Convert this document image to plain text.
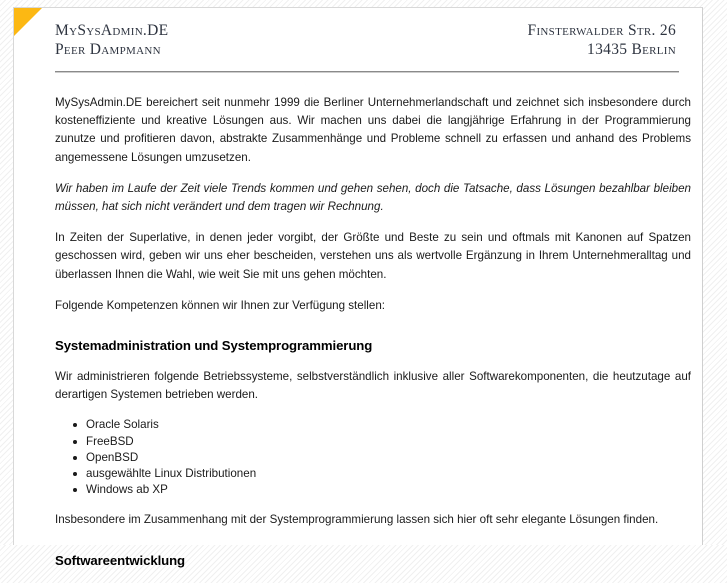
MySysAdmin.DE
Peer Dampmann
Finsterwalder Str. 26
13435 Berlin

MySysAdmin.DE bereichert seit nunmehr 1999 die Berliner Unternehmerlandschaft und zeichnet sich insbesondere durch kosteneffiziente und kreative Lösungen aus. Wir machen uns dabei die langjährige Erfahrung in der Programmierung zunutze und profitieren davon, abstrakte Zusammenhänge und Probleme schnell zu erfassen und anhand des Problems angemessene Lösungen umzusetzen.

Wir haben im Laufe der Zeit viele Trends kommen und gehen sehen, doch die Tatsache, dass Lösungen bezahlbar bleiben müssen, hat sich nicht verändert und dem tragen wir Rechnung.

In Zeiten der Superlative, in denen jeder vorgibt, der Größte und Beste zu sein und oftmals mit Kanonen auf Spatzen geschossen wird, geben wir uns eher bescheiden, verstehen uns als wertvolle Ergänzung in Ihrem Unternehmeralltag und überlassen Ihnen die Wahl, wie weit Sie mit uns gehen möchten.

Folgende Kompetenzen können wir Ihnen zur Verfügung stellen:

Systemadministration und Systemprogrammierung

Wir administrieren folgende Betriebssysteme, selbstverständlich inklusive aller Softwarekomponenten, die heutzutage auf derartigen Systemen betrieben werden.

Oracle Solaris
FreeBSD
OpenBSD
ausgewählte Linux Distributionen
Windows ab XP

Insbesondere im Zusammenhang mit der Systemprogrammierung lassen sich hier oft sehr elegante Lösungen finden.

Softwareentwicklung
